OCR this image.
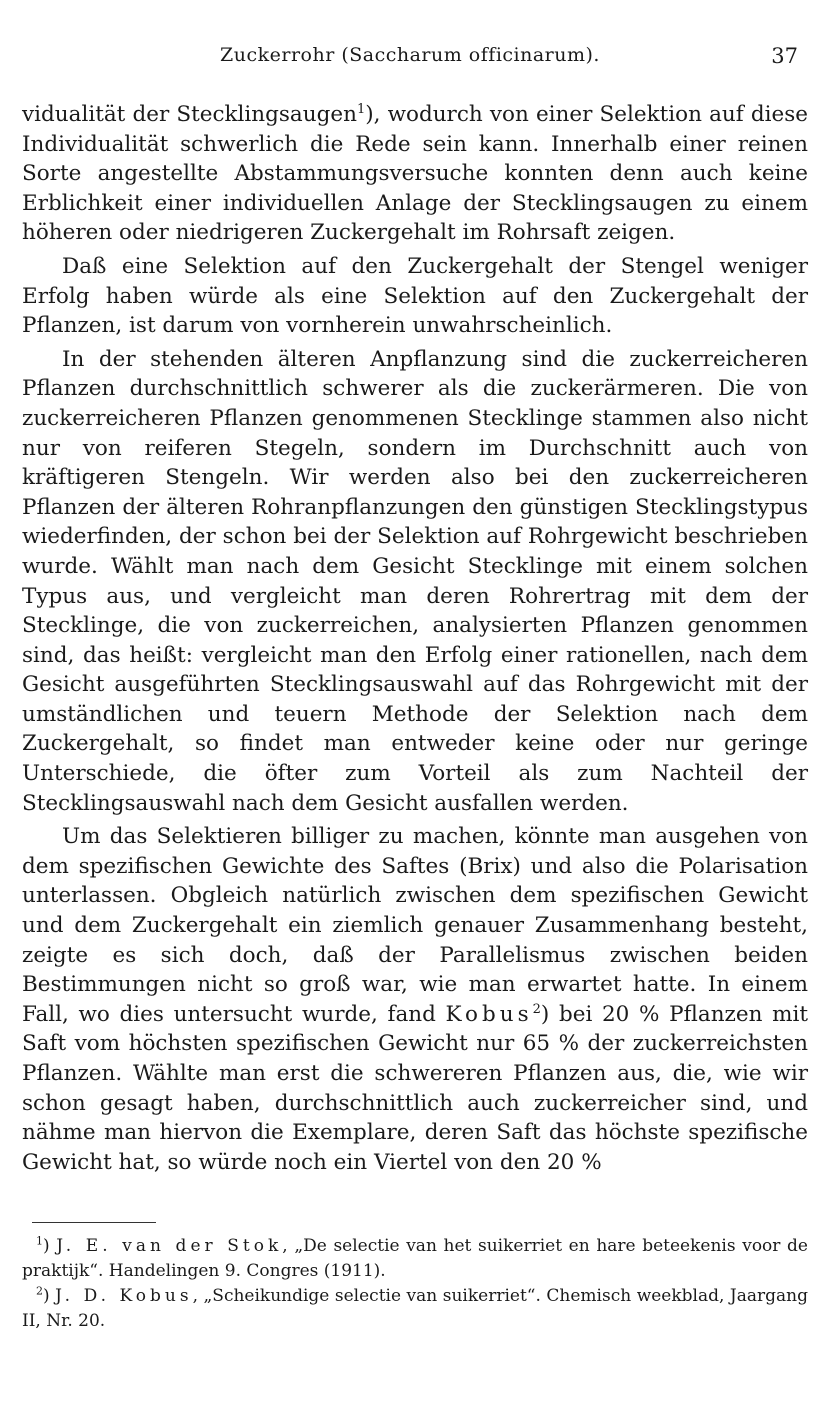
Zuckerrohr (Saccharum officinarum).	37

vidualität der Stecklingsaugen$^1$), wodurch von einer Selektion auf diese Individualität schwerlich die Rede sein kann. Innerhalb einer reinen Sorte angestellte Abstammungsversuche konnten denn auch keine Erblichkeit einer individuellen Anlage der Stecklingsaugen zu einem höheren oder niedrigeren Zuckergehalt im Rohrsaft zeigen.

Daß eine Selektion auf den Zuckergehalt der Stengel weniger Erfolg haben würde als eine Selektion auf den Zuckergehalt der Pflanzen, ist darum von vornherein unwahrscheinlich.

In der stehenden älteren Anpflanzung sind die zuckerreicheren Pflanzen durchschnittlich schwerer als die zuckerärmeren. Die von zuckerreicheren Pflanzen genommenen Stecklinge stammen also nicht nur von reiferen Stegeln, sondern im Durchschnitt auch von kräftigeren Stengeln. Wir werden also bei den zuckerreicheren Pflanzen der älteren Rohranpflanzungen den günstigen Stecklingstypus wiederfinden, der schon bei der Selektion auf Rohrgewicht beschrieben wurde. Wählt man nach dem Gesicht Stecklinge mit einem solchen Typus aus, und vergleicht man deren Rohrertrag mit dem der Stecklinge, die von zuckerreichen, analysierten Pflanzen genommen sind, das heißt: vergleicht man den Erfolg einer rationellen, nach dem Gesicht ausgeführten Stecklingsauswahl auf das Rohrgewicht mit der umständlichen und teuern Methode der Selektion nach dem Zuckergehalt, so findet man entweder keine oder nur geringe Unterschiede, die öfter zum Vorteil als zum Nachteil der Stecklingsauswahl nach dem Gesicht ausfallen werden.

Um das Selektieren billiger zu machen, könnte man ausgehen von dem spezifischen Gewichte des Saftes (Brix) und also die Polarisation unterlassen. Obgleich natürlich zwischen dem spezifischen Gewicht und dem Zuckergehalt ein ziemlich genauer Zusammenhang besteht, zeigte es sich doch, daß der Parallelismus zwischen beiden Bestimmungen nicht so groß war, wie man erwartet hatte. In einem Fall, wo dies untersucht wurde, fand Kobus$^2$) bei 20 % Pflanzen mit Saft vom höchsten spezifischen Gewicht nur 65 % der zuckerreichsten Pflanzen. Wählte man erst die schwereren Pflanzen aus, die, wie wir schon gesagt haben, durchschnittlich auch zuckerreicher sind, und nähme man hiervon die Exemplare, deren Saft das höchste spezifische Gewicht hat, so würde noch ein Viertel von den 20 %

$^1$) J. E. van der Stok, „De selectie van het suikerriet en hare beteekenis voor de praktijk“. Handelingen 9. Congres (1911).

$^2$) J. D. Kobus, „Scheikundige selectie van suikerriet“. Chemisch weekblad, Jaargang II, Nr. 20.
